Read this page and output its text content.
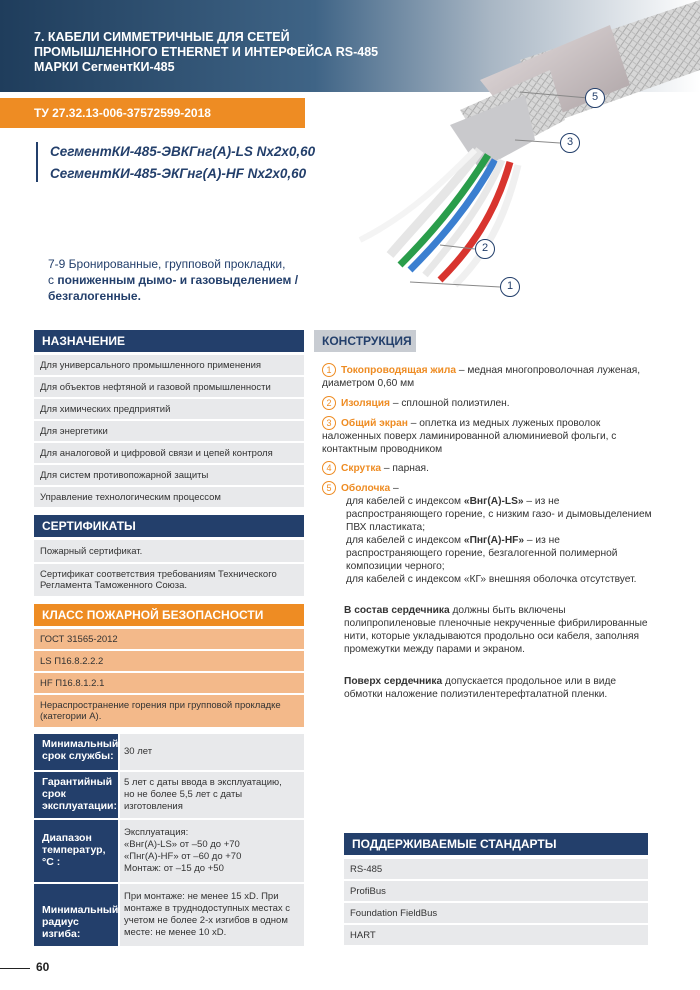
7. КАБЕЛИ СИММЕТРИЧНЫЕ ДЛЯ СЕТЕЙ
ПРОМЫШЛЕННОГО ETHERNET И ИНТЕРФЕЙСА RS-485
МАРКИ СегментКИ-485
5
3
2
1
ТУ 27.32.13-006-37572599-2018
СегментКИ-485-ЭВКГнг(А)-LS Nx2x0,60
СегментКИ-485-ЭКГнг(А)-HF Nx2x0,60
7-9 Бронированные, групповой прокладки,
с пониженным дымо- и газовыделением /
безгалогенные.
НАЗНАЧЕНИЕ
Для универсального промышленного применения
Для объектов нефтяной и газовой промышленности
Для химических предприятий
Для энергетики
Для аналоговой и цифровой связи и цепей контроля
Для систем противопожарной защиты
Управление технологическим процессом
СЕРТИФИКАТЫ
Пожарный сертификат.
Сертификат соответствия требованиям Технического Регламента Таможенного Союза.
КЛАСС ПОЖАРНОЙ БЕЗОПАСНОСТИ
ГОСТ 31565-2012
LS П16.8.2.2.2
HF П16.8.1.2.1
Нераспространение горения при групповой прокладке (категории А).
Минимальный срок службы:	30 лет
Гарантийный срок эксплуатации:
5 лет с даты ввода в эксплуатацию,
но не более 5,5 лет с даты
изготовления
Диапазон температур, °С :
Эксплуатация:
«Внг(А)-LS» от –50 до +70
«Пнг(А)-HF» от –60 до +70
Монтаж: от –15 до +50
Минимальный радиус изгиба:
При монтаже: не менее 15 xD. При
монтаже в труднодоступных местах с
учетом не более 2-х изгибов в одном
месте: не менее 10 xD.
КОНСТРУКЦИЯ
1 Токопроводящая жила – медная многопроволочная луженая, диаметром 0,60 мм
2 Изоляция – сплошной полиэтилен.
3 Общий экран – оплетка из медных луженых проволок наложенных поверх ламинированной алюминиевой фольги, с контактным проводником
4 Скрутка – парная.
5 Оболочка –
для кабелей с индексом «Внг(А)-LS» – из не распространяющего горение, с низким газо- и дымовыделением ПВХ пластиката;
для кабелей с индексом «Пнг(А)-HF» – из не распространяющего горение, безгалогенной полимерной композиции черного;
для кабелей с индексом «КГ» внешняя оболочка отсутствует.
В состав сердечника должны быть включены полипропиленовые пленочные некрученные фибрилированные нити, которые укладываются продольно оси кабеля, заполняя промежутки между парами и экраном.
Поверх сердечника допускается продольное или в виде обмотки наложение полиэтилентерефталатной пленки.
ПОДДЕРЖИВАЕМЫЕ СТАНДАРТЫ
RS-485
ProfiBus
Foundation FieldBus
HART
60
